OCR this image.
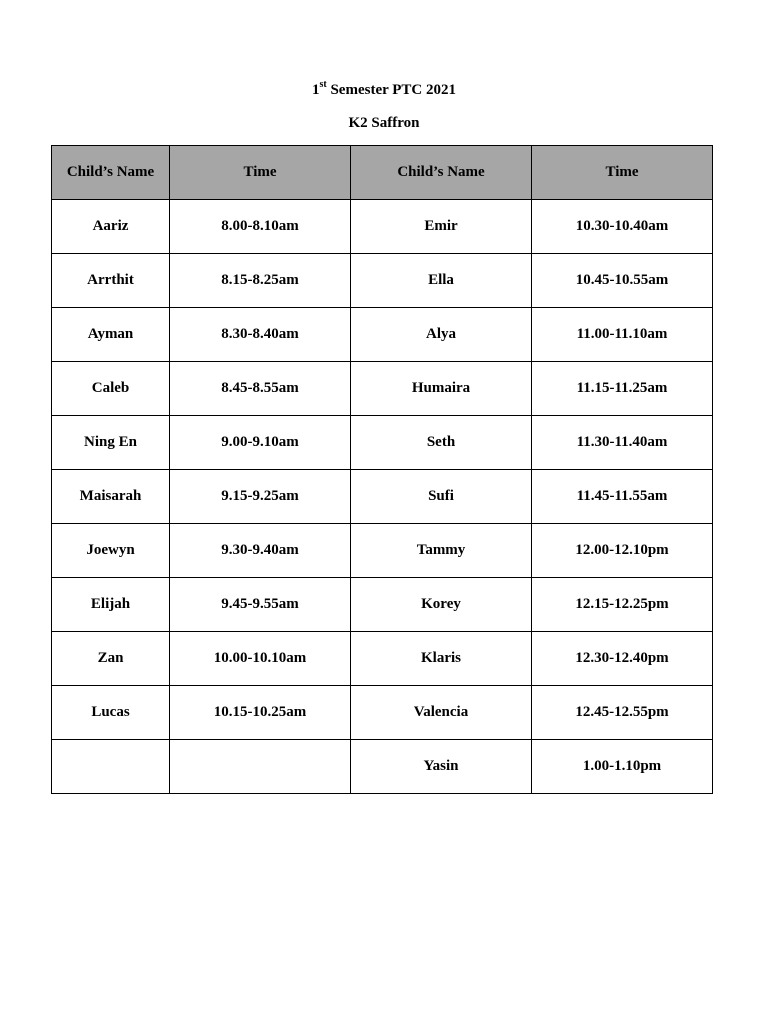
1st Semester PTC 2021
K2 Saffron
Child’s Name	Time	Child’s Name	Time
Aariz	8.00-8.10am	Emir	10.30-10.40am
Arrthit	8.15-8.25am	Ella	10.45-10.55am
Ayman	8.30-8.40am	Alya	11.00-11.10am
Caleb	8.45-8.55am	Humaira	11.15-11.25am
Ning En	9.00-9.10am	Seth	11.30-11.40am
Maisarah	9.15-9.25am	Sufi	11.45-11.55am
Joewyn	9.30-9.40am	Tammy	12.00-12.10pm
Elijah	9.45-9.55am	Korey	12.15-12.25pm
Zan	10.00-10.10am	Klaris	12.30-12.40pm
Lucas	10.15-10.25am	Valencia	12.45-12.55pm
		Yasin	1.00-1.10pm
